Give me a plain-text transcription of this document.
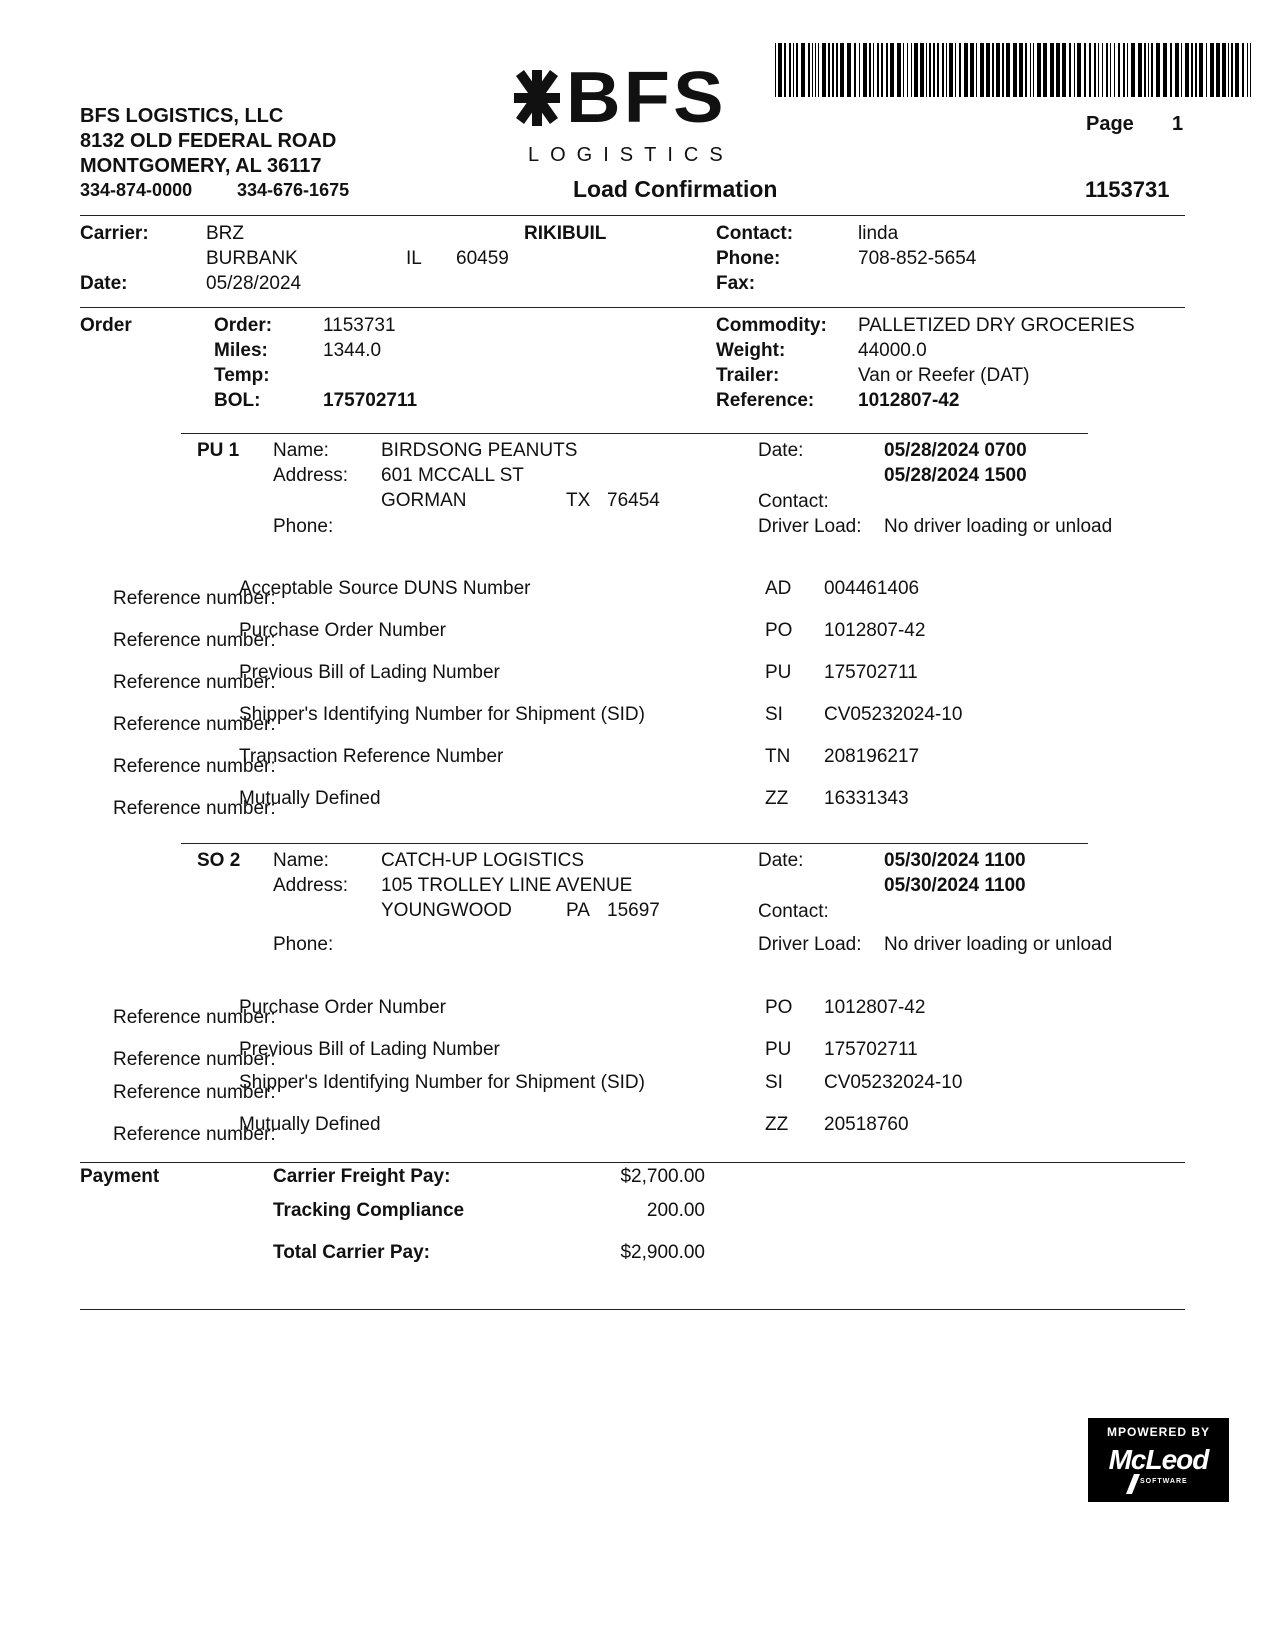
BFS LOGISTICS, LLC
8132 OLD FEDERAL ROAD
MONTGOMERY, AL 36117
334-874-0000 334-676-1675
BFS
LOGISTICS
Load Confirmation
Page 1
1153731
Carrier:	BRZ	RIKIBUIL
BURBANK	IL 60459
Date:	05/28/2024
Contact:	linda
Phone:	708-852-5654
Fax:
Order	Order:	1153731
Miles:	1344.0
Temp:
BOL:	175702711
Commodity: PALLETIZED DRY GROCERIES
Weight:	44000.0
Trailer:	Van or Reefer (DAT)
Reference: 1012807-42
PU 1 Name:	BIRDSONG PEANUTS
Address: 601 MCCALL ST
GORMAN	TX 76454
Phone:
Date:	05/28/2024 0700
05/28/2024 1500
Contact:
Driver Load: No driver loading or unload
Reference number:
Acceptable Source DUNS Number	AD 004461406
Reference number:
Purchase Order Number	PO 1012807-42
Reference number:
Previous Bill of Lading Number	PU 175702711
Reference number:
Shipper's Identifying Number for Shipment (SID)	SI CV05232024-10
Reference number:
Transaction Reference Number	TN 208196217
Reference number:
Mutually Defined	ZZ 16331343
SO 2 Name:	CATCH-UP LOGISTICS
Address: 105 TROLLEY LINE AVENUE
YOUNGWOOD	PA 15697
Phone:
Date:	05/30/2024 1100
05/30/2024 1100
Contact:
Driver Load: No driver loading or unload
Reference number:
Purchase Order Number	PO 1012807-42
Reference number:
Previous Bill of Lading Number	PU 175702711
Reference number:
Shipper's Identifying Number for Shipment (SID)	SI CV05232024-10
Reference number:
Mutually Defined	ZZ 20518760
Payment	Carrier Freight Pay:	$2,700.00
Tracking Compliance	200.00
Total Carrier Pay:	$2,900.00
MPOWERED BY
McLeod
SOFTWARE
